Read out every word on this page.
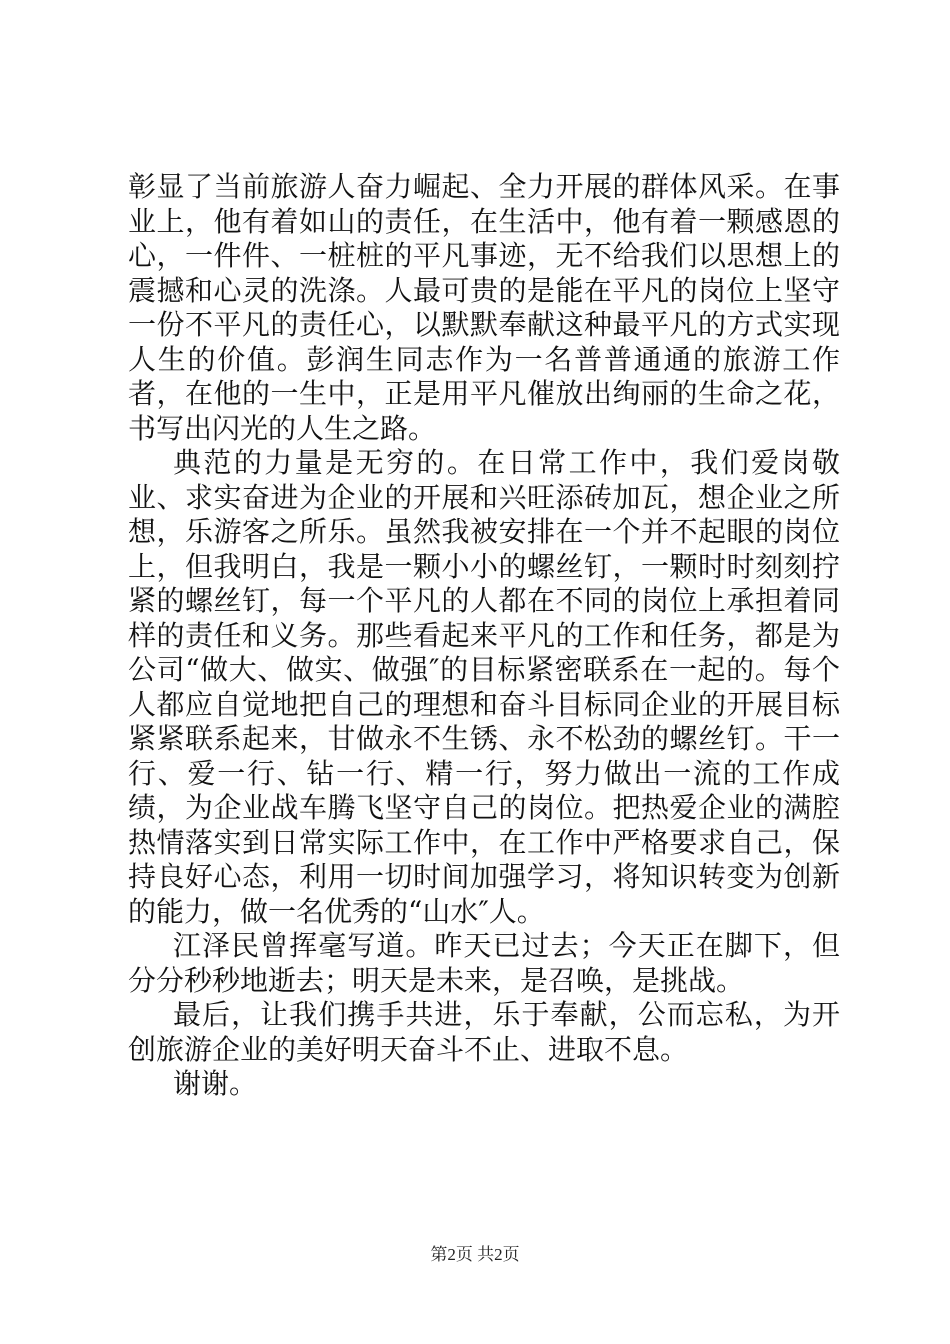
彰显了当前旅游人奋力崛起、全力开展的群体风采。在事业上，他有着如山的责任，在生活中，他有着一颗感恩的心，一件件、一桩桩的平凡事迹，无不给我们以思想上的震撼和心灵的洗涤。人最可贵的是能在平凡的岗位上坚守一份不平凡的责任心，以默默奉献这种最平凡的方式实现人生的价值。彭润生同志作为一名普普通通的旅游工作者，在他的一生中，正是用平凡催放出绚丽的生命之花，书写出闪光的人生之路。

典范的力量是无穷的。在日常工作中，我们爱岗敬业、求实奋进为企业的开展和兴旺添砖加瓦，想企业之所想，乐游客之所乐。虽然我被安排在一个并不起眼的岗位上，但我明白，我是一颗小小的螺丝钉，一颗时时刻刻拧紧的螺丝钉，每一个平凡的人都在不同的岗位上承担着同样的责任和义务。那些看起来平凡的工作和任务，都是为公司“做大、做实、做强″的目标紧密联系在一起的。每个人都应自觉地把自己的理想和奋斗目标同企业的开展目标紧紧联系起来，甘做永不生锈、永不松劲的螺丝钉。干一行、爱一行、钻一行、精一行，努力做出一流的工作成绩，为企业战车腾飞坚守自己的岗位。把热爱企业的满腔热情落实到日常实际工作中，在工作中严格要求自己，保持良好心态，利用一切时间加强学习，将知识转变为创新的能力，做一名优秀的“山水″人。

江泽民曾挥毫写道。昨天已过去；今天正在脚下，但分分秒秒地逝去；明天是未来，是召唤，是挑战。

最后，让我们携手共进，乐于奉献，公而忘私，为开创旅游企业的美好明天奋斗不止、进取不息。

谢谢。

第2页 共2页
